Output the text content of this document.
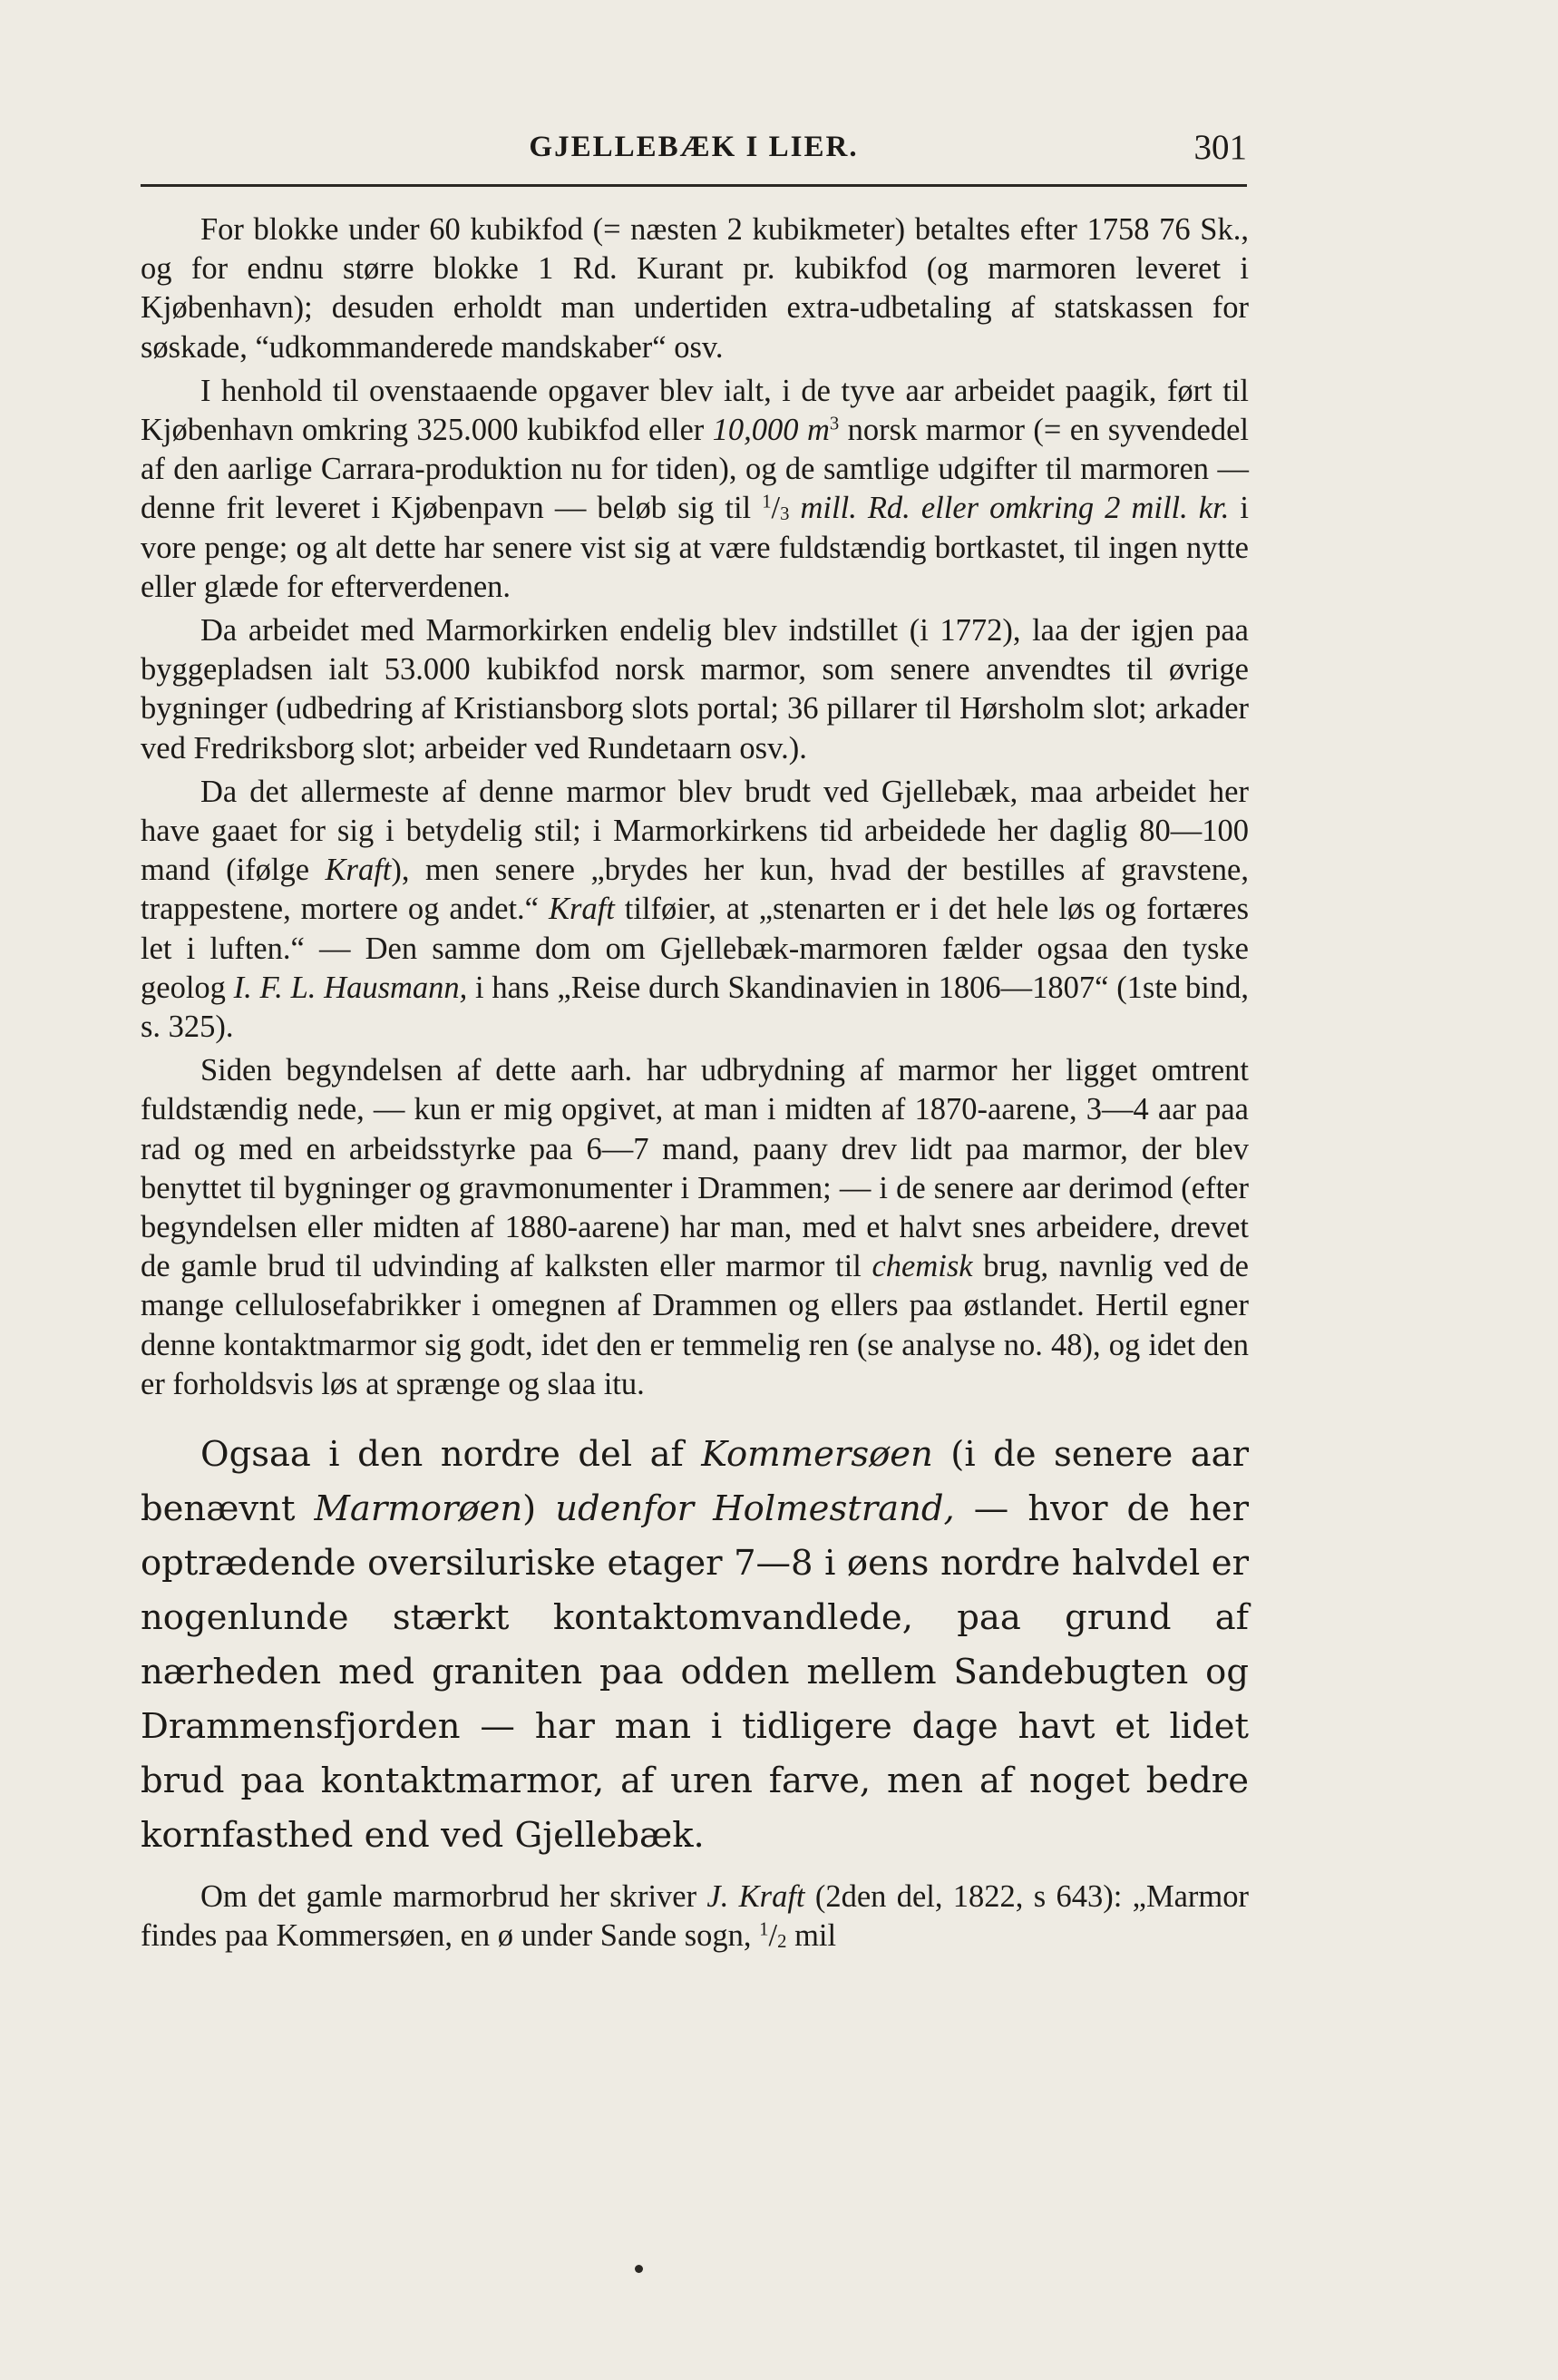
GJELLEBÆK I LIER.	301

For blokke under 60 kubikfod (= næsten 2 kubikmeter) betaltes efter 1758 76 Sk., og for endnu større blokke 1 Rd. Kurant pr. kubikfod (og marmoren leveret i Kjøbenhavn); desuden erholdt man undertiden extra-udbetaling af statskassen for søskade, “udkommanderede mandskaber“ osv.

I henhold til ovenstaaende opgaver blev ialt, i de tyve aar arbeidet paagik, ført til Kjøbenhavn omkring 325.000 kubikfod eller 10,000 $m^3$ norsk marmor (= en syvendedel af den aarlige Carrara-produktion nu for tiden), og de samtlige udgifter til marmoren — denne frit leveret i Kjøbenpavn — beløb sig til $^1$/3 mill. Rd. eller omkring 2 mill. kr. i vore penge; og alt dette har senere vist sig at være fuldstændig bortkastet, til ingen nytte eller glæde for efterverdenen.

Da arbeidet med Marmorkirken endelig blev indstillet (i 1772), laa der igjen paa byggepladsen ialt 53.000 kubikfod norsk marmor, som senere anvendtes til øvrige bygninger (udbedring af Kristiansborg slots portal; 36 pillarer til Hørsholm slot; arkader ved Fredriksborg slot; arbeider ved Rundetaarn osv.).

Da det allermeste af denne marmor blev brudt ved Gjellebæk, maa arbeidet her have gaaet for sig i betydelig stil; i Marmorkirkens tid arbeidede her daglig 80—100 mand (ifølge Kraft), men senere „brydes her kun, hvad der bestilles af gravstene, trappestene, mortere og andet.“ Kraft tilføier, at „stenarten er i det hele løs og fortæres let i luften.“ — Den samme dom om Gjellebæk-marmoren fælder ogsaa den tyske geolog I. F. L. Hausmann, i hans „Reise durch Skandinavien in 1806—1807“ (1ste bind, s. 325).

Siden begyndelsen af dette aarh. har udbrydning af marmor her ligget omtrent fuldstændig nede, — kun er mig opgivet, at man i midten af 1870-aarene, 3—4 aar paa rad og med en arbeidsstyrke paa 6—7 mand, paany drev lidt paa marmor, der blev benyttet til bygninger og gravmonumenter i Drammen; — i de senere aar derimod (efter begyndelsen eller midten af 1880-aarene) har man, med et halvt snes arbeidere, drevet de gamle brud til udvinding af kalksten eller marmor til chemisk brug, navnlig ved de mange cellulosefabrikker i omegnen af Drammen og ellers paa østlandet. Hertil egner denne kontaktmarmor sig godt, idet den er temmelig ren (se analyse no. 48), og idet den er forholdsvis løs at sprænge og slaa itu.

Ogsaa i den nordre del af Kommersøen (i de senere aar benævnt Marmorøen) udenfor Holmestrand, — hvor de her optrædende oversiluriske etager 7—8 i øens nordre halvdel er nogenlunde stærkt kontaktomvandlede, paa grund af nærheden med graniten paa odden mellem Sandebugten og Drammensfjorden — har man i tidligere dage havt et lidet brud paa kontaktmarmor, af uren farve, men af noget bedre kornfasthed end ved Gjellebæk.

Om det gamle marmorbrud her skriver J. Kraft (2den del, 1822, s 643): „Marmor findes paa Kommersøen, en ø under Sande sogn, $^1$/2 mil
